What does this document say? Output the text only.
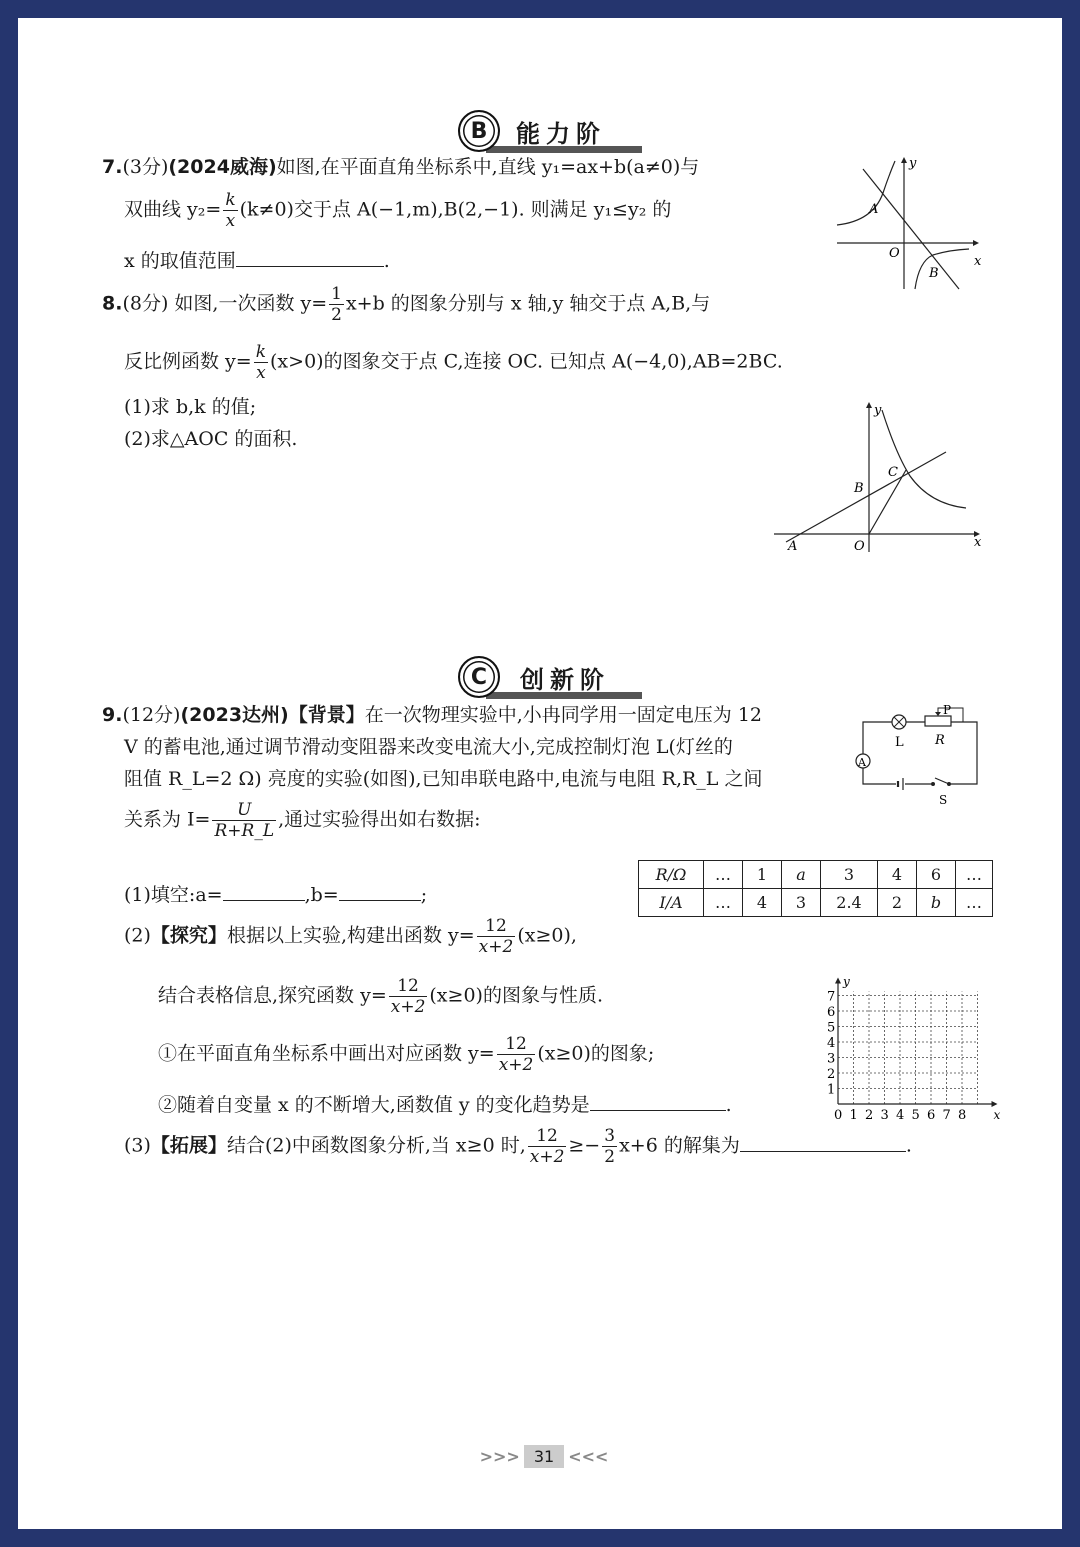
B	能力阶
7.(3分)(2024威海)如图,在平面直角坐标系中,直线 y₁=ax+b(a≠0)与
双曲线 $y_2= \frac{k}{x} (k\ne 0)$交于点 A(−1,m),B(2,−1). 则满足 y₁≤y₂ 的
x 的取值范围	.	x
y
O
A
B
8.(8分) 如图,一次函数 $y= \frac{1}{2} x+b$ 的图象分别与 x 轴,y 轴交于点 A,B,与
反比例函数 $y= \frac{k}{x} (x>0)$的图象交于点 C,连接 OC. 已知点 A(−4,0),AB=2BC.
(1)求 b,k 的值;
(2)求△AOC 的面积.
x
y
O
A
B
C
C	创新阶
9.(12分)(2023达州)【背景】在一次物理实验中,小冉同学用一固定电压为 12
V 的蓄电池,通过调节滑动变阻器来改变电流大小,完成控制灯泡 L(灯丝的
阻值 R_L=2 Ω) 亮度的实验(如图),已知串联电路中,电流与电阻 R,R_L 之间
关系为 $I= \frac{U}{R+R\_L}$ ,通过实验得出如右数据:
P
R
L
A
S
(1)填空:a=	,b=	;
R/Ω	…	1	a	3	4	6	…
I/A	…	4	3	2.4	2	b	…
(2)【探究】根据以上实验,构建出函数 $y= \frac{12}{x+2} (x\ge 0)$,
结合表格信息,探究函数 $y= \frac{12}{x+2} (x\ge 0)$的图象与性质.
①在平面直角坐标系中画出对应函数 $y= \frac{12}{x+2} (x\ge 0)$的图象;
②随着自变量 x 的不断增大,函数值 y 的变化趋势是	.	0 1 2 3 4 5 6 7 8
7
6
5
4
3
2
1
x
y
(3)【拓展】结合(2)中函数图象分析,当 x≥0 时, $\frac{12}{x+2} \ge- \frac{3}{2} x+6$ 的解集为	.
>>> 31 <<<
